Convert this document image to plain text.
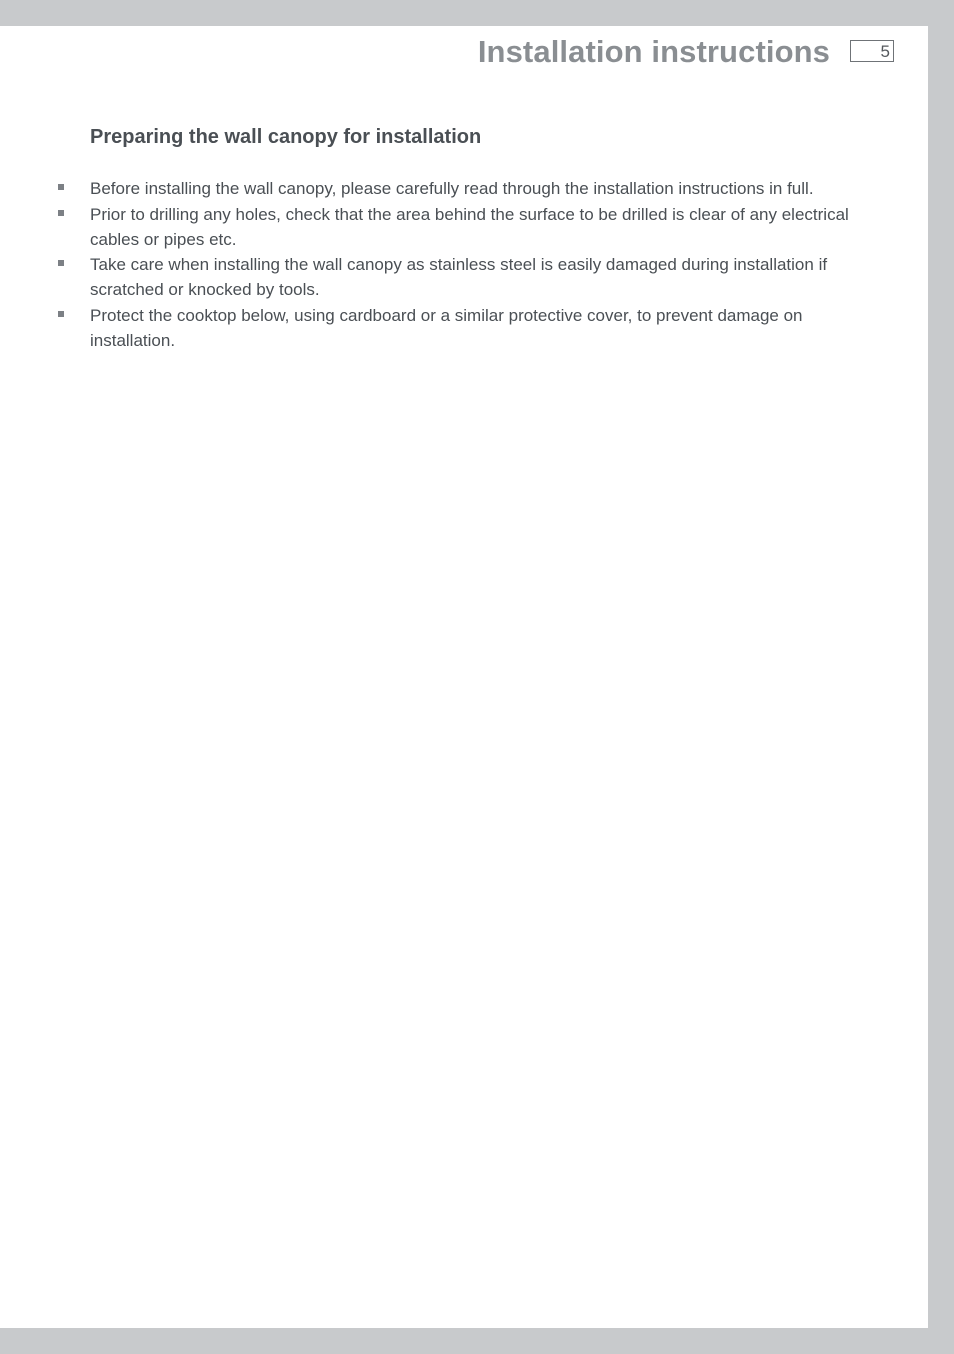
Installation instructions	5
Preparing the wall canopy for installation
Before installing the wall canopy, please carefully read through the installation instructions in full.
Prior to drilling any holes, check that the area behind the surface to be drilled is clear of any electrical cables or pipes etc.
Take care when installing the wall canopy as stainless steel is easily damaged during installation if scratched or knocked by tools.
Protect the cooktop below, using cardboard or a similar protective cover, to prevent damage on installation.
